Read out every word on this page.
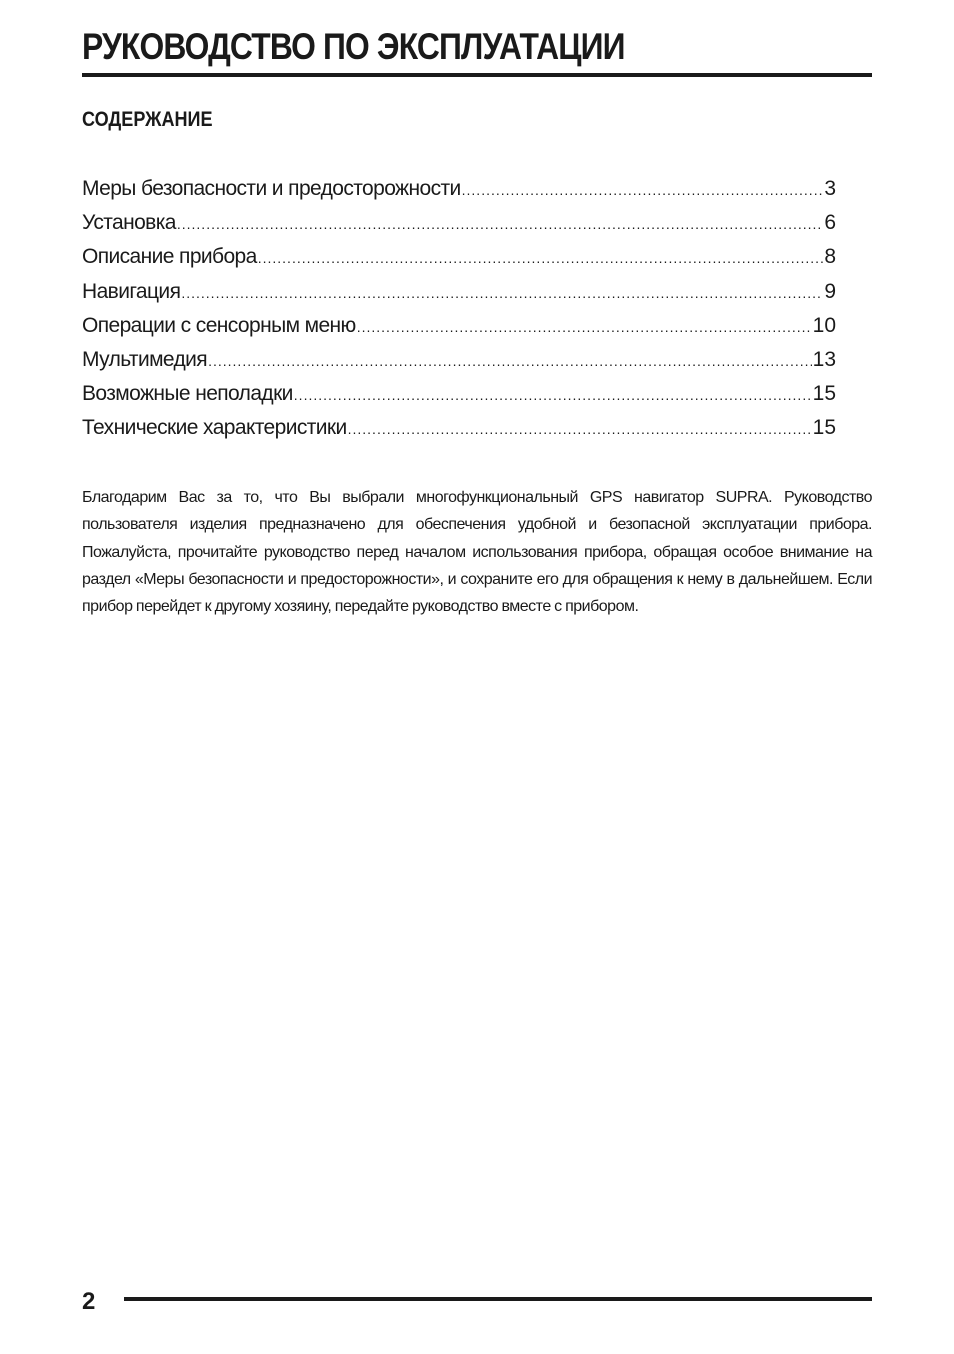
РУКОВОДСТВО ПО ЭКСПЛУАТАЦИИ
СОДЕРЖАНИЕ
Меры безопасности и предосторожности .....	3
Установка .....	6
Описание прибора .....	8
Навигация .....	9
Операции с сенсорным меню .....	10
Мультимедия .....	13
Возможные неполадки .....	15
Технические характеристики .....	15

Благодарим Вас за то, что Вы выбрали многофункциональный GPS навигатор SUPRA. Руководство пользователя изделия предназначено для обеспечения удобной и безопасной эксплуатации прибора. Пожалуйста, прочитайте руководство перед началом использования прибора, обращая особое внимание на раздел «Меры безопасности и предосторожности», и сохраните его для обращения к нему в дальнейшем. Если прибор перейдет к другому хозяину, передайте руководство вместе с прибором.

2
